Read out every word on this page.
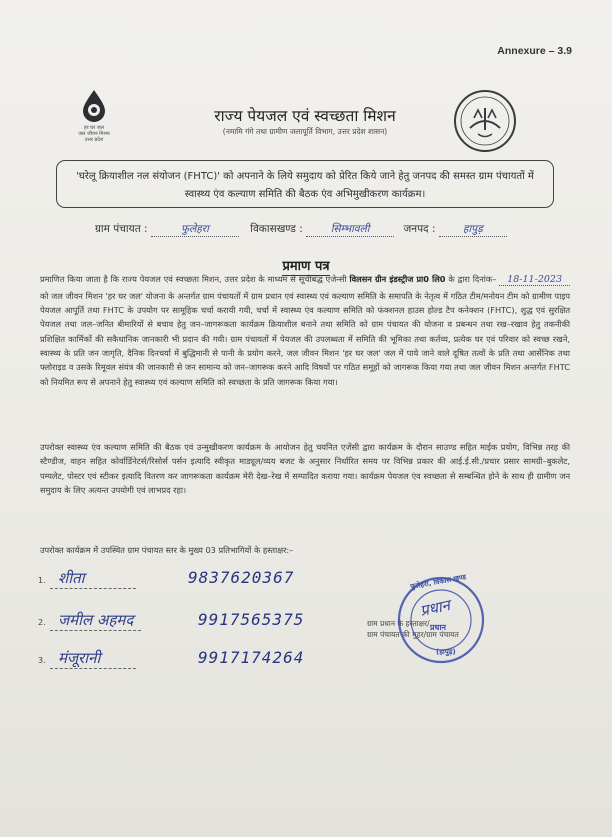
Annexure – 3.9
हर घर जल
जल जीवन मिशन
उत्तर प्रदेश
राज्य पेयजल एवं स्वच्छता मिशन
(नमामि गंगे तथा ग्रामीण जलापूर्ति विभाग, उत्तर प्रदेश शासन)
'घरेलू क्रियाशील नल संयोजन (FHTC)' को अपनाने के लिये समुदाय को प्रेरित किये जाने हेतु जनपद की समस्त ग्राम पंचायतों में स्वास्थ्य एंव कल्याण समिति की बैठक एंव अभिमुखीकरण कार्यक्रम।
ग्राम पंचायत :	फुलेहरा	विकासखण्ड :	सिम्भावली	जनपद :	हापुड़
प्रमाण पत्र
प्रमाणित किया जाता है कि राज्य पेयजल एवं स्वच्छता मिशन, उत्तर प्रदेश के माध्यम से सूचीबद्ध एजेन्सी विलसन ग्रीन इंडस्ट्रीज प्रा0 लि0 के द्वारा दिनांक– 18-11-2023 को जल जीवन मिशन 'हर घर जल' योजना के अन्तर्गत ग्राम पंचायतों में ग्राम प्रधान एवं स्वास्थ्य एवं कल्याण समिति के समापति के नेतृत्व में गठित टीम/मनोयन टीम को ग्रामीण पाइप पेयजल आपूर्ति तथा FHTC के उपयोग पर सामूहिक चर्चा करायी गयी, चर्चा में स्वास्थ्य एंव कल्याण समिति को फंक्शनल हाउस होल्ड टैप कनेक्शन (FHTC), शुद्ध एवं सुरक्षित पेयजल तथा जल–जनित बीमारियों से बचाव हेतु जन–जागरूकता कार्यक्रम क्रियाशील बनाने तथा समिति को ग्राम पंचायत की योजना व प्रबन्धन तथा रख–रखाव हेतु तकनीकी प्रशिक्षित कार्मिकों की सकैधानिक जानकारी भी प्रदान की गयी। ग्राम पंचायतों में पेयजल की उपलब्धता में समिति की भूमिका तथा कर्तव्य, प्रत्येक घर एवं परिवार को स्वच्छ रखने, स्वास्थ्य के प्रति जन जागृति, दैनिक दिनचर्या में बुद्धिमानी से पानी के प्रयोग करने, जल जीवन मिशन 'हर घर जल' जल में पाये जाने वाले दूषित तत्वों के प्रति तथा आर्सेनिक तथा फ्लोराइड व उसके रिमूवल संयंत्र की जानकारी से जन सामान्य को जन–जागरूक करने आदि विषयों पर गठित समूहों को जागरूक किया गया तथा जल जीवन मिशन अन्तर्गत FHTC को नियमित रूप से अपनाने हेतु स्वास्थ्य एवं कल्याण समिति को स्वच्छता के प्रति जागरूक किया गया।
उपरोक्त स्वास्थ्य एंव कल्याण समिति की बैठक एवं उन्मुखीकरण कार्यक्रम के आयोजन हेतु चयनित एजेंसी द्वारा कार्यक्रम के दौरान साउण्ड सहित माईक प्रयोग, विभिन्न तरह की स्टैण्डीज, वाहन सहित कोर्वार्डिनेटर्स/रिसोर्स पर्सन इत्यादि स्वीकृत माड्यूल/व्यय बजट के अनुसार निर्धारित समय पर विभिन्न प्रकार की आई.ई.सी./प्रचार प्रसार सामग्री–बुकलेट, पम्पलेट, पोस्टर एवं स्टीकर इत्यादि वितरण कर जागरूकता कार्यक्रम मेरी देख–रेख में सम्पादित कराया गया। कार्यक्रम पेयजल एंव स्वच्छता से सम्बन्धित होने के साथ ही ग्रामीण जन समुदाय के लिए अत्यन्त उपयोगी एवं लाभप्रद रहा।
उपरोक्त कार्यक्रम में उपस्थित ग्राम पंचायत स्तर के मुख्य 03 प्रतिभागियों के हस्ताक्षर:–
1. शीता	9837620367
2. जमील अहमद	9917565375
3. मंजूरानी	9917174264
ग्राम प्रधान के हस्ताक्षर/
ग्राम पंचायत की मुहर/ग्राम पंचायत
फुलेहरा, विकास खण्ड
प्रधान
(हापुड़)
प्रधान
